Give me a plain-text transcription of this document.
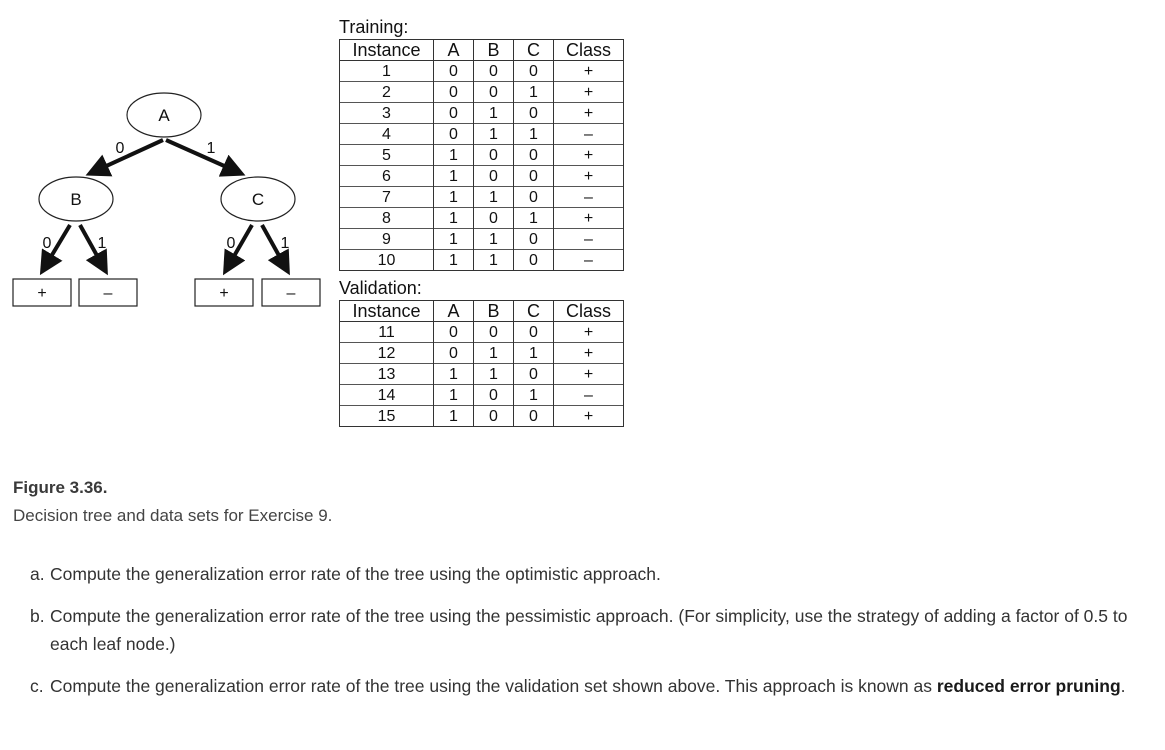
A
B	C
0	1
0	1	0	1
+	–	+	–
Training:
Instance	A	B	C	Class
1	0	0	0	+
2	0	0	1	+
3	0	1	0	+
4	0	1	1	–
5	1	0	0	+
6	1	0	0	+
7	1	1	0	–
8	1	0	1	+
9	1	1	0	–
10	1	1	0	–
Validation:
Instance	A	B	C	Class
11	0	0	0	+
12	0	1	1	+
13	1	1	0	+
14	1	0	1	–
15	1	0	0	+
Figure 3.36.
Decision tree and data sets for Exercise 9.
a. Compute the generalization error rate of the tree using the optimistic approach.
b. Compute the generalization error rate of the tree using the pessimistic approach. (For simplicity, use the strategy of adding a factor of 0.5 to each leaf node.)
c. Compute the generalization error rate of the tree using the validation set shown above. This approach is known as reduced error pruning.
